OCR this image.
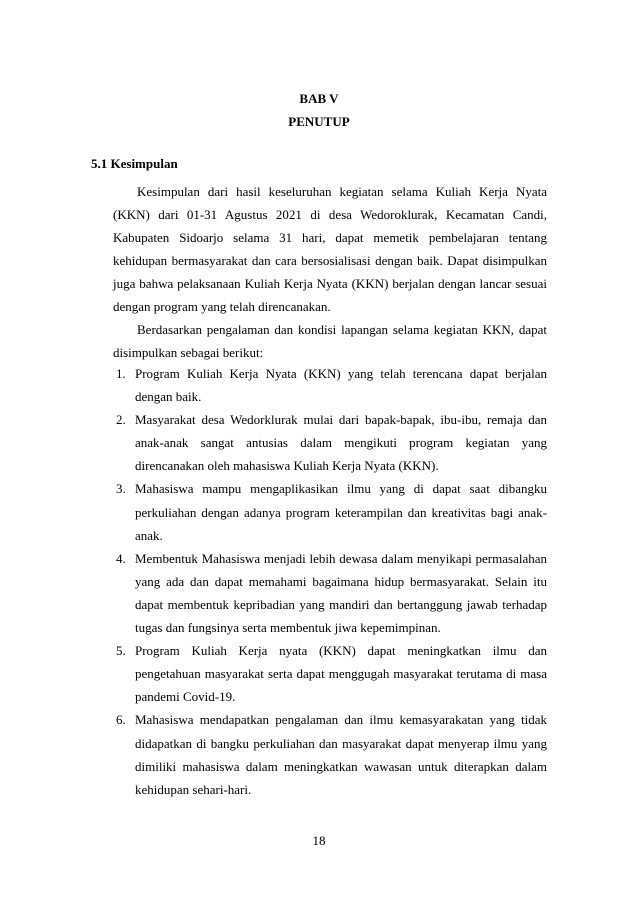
BAB V
PENUTUP
5.1 Kesimpulan

Kesimpulan dari hasil keseluruhan kegiatan selama Kuliah Kerja Nyata (KKN) dari 01-31 Agustus 2021 di desa Wedoroklurak, Kecamatan Candi, Kabupaten Sidoarjo selama 31 hari, dapat memetik pembelajaran tentang kehidupan bermasyarakat dan cara bersosialisasi dengan baik. Dapat disimpulkan juga bahwa pelaksanaan Kuliah Kerja Nyata (KKN) berjalan dengan lancar sesuai dengan program yang telah direncanakan.

Berdasarkan pengalaman dan kondisi lapangan selama kegiatan KKN, dapat disimpulkan sebagai berikut:

1. Program Kuliah Kerja Nyata (KKN) yang telah terencana dapat berjalan dengan baik.
2. Masyarakat desa Wedorklurak mulai dari bapak-bapak, ibu-ibu, remaja dan anak-anak sangat antusias dalam mengikuti program kegiatan yang direncanakan oleh mahasiswa Kuliah Kerja Nyata (KKN).
3. Mahasiswa mampu mengaplikasikan ilmu yang di dapat saat dibangku perkuliahan dengan adanya program keterampilan dan kreativitas bagi anak-anak.
4. Membentuk Mahasiswa menjadi lebih dewasa dalam menyikapi permasalahan yang ada dan dapat memahami bagaimana hidup bermasyarakat. Selain itu dapat membentuk kepribadian yang mandiri dan bertanggung jawab terhadap tugas dan fungsinya serta membentuk jiwa kepemimpinan.
5. Program Kuliah Kerja nyata (KKN) dapat meningkatkan ilmu dan pengetahuan masyarakat serta dapat menggugah masyarakat terutama di masa pandemi Covid-19.
6. Mahasiswa mendapatkan pengalaman dan ilmu kemasyarakatan yang tidak didapatkan di bangku perkuliahan dan masyarakat dapat menyerap ilmu yang dimiliki mahasiswa dalam meningkatkan wawasan untuk diterapkan dalam kehidupan sehari-hari.
18
